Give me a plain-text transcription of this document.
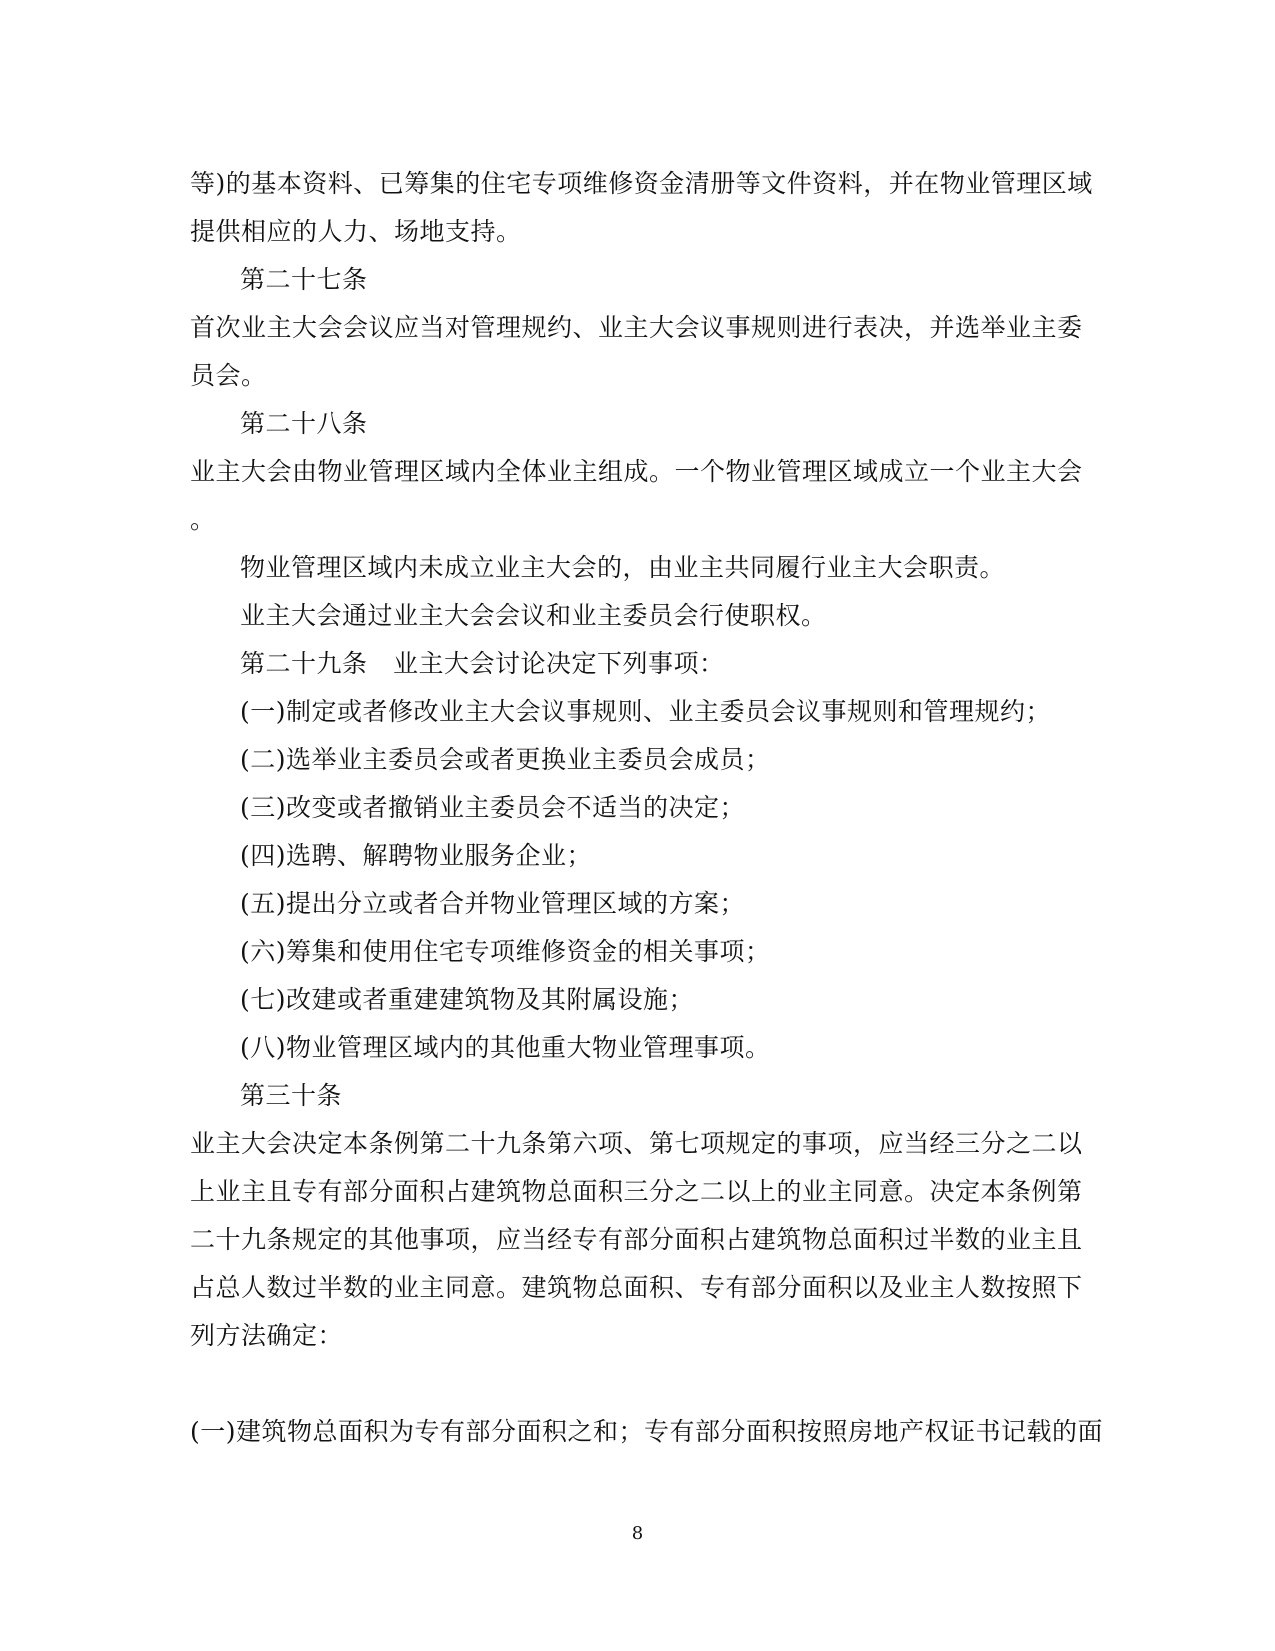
等)的基本资料、已筹集的住宅专项维修资金清册等文件资料，并在物业管理区域
提供相应的人力、场地支持。
第二十七条
首次业主大会会议应当对管理规约、业主大会议事规则进行表决，并选举业主委
员会。
第二十八条
业主大会由物业管理区域内全体业主组成。一个物业管理区域成立一个业主大会
。
物业管理区域内未成立业主大会的，由业主共同履行业主大会职责。
业主大会通过业主大会会议和业主委员会行使职权。
第二十九条　业主大会讨论决定下列事项：
(一)制定或者修改业主大会议事规则、业主委员会议事规则和管理规约；
(二)选举业主委员会或者更换业主委员会成员；
(三)改变或者撤销业主委员会不适当的决定；
(四)选聘、解聘物业服务企业；
(五)提出分立或者合并物业管理区域的方案；
(六)筹集和使用住宅专项维修资金的相关事项；
(七)改建或者重建建筑物及其附属设施；
(八)物业管理区域内的其他重大物业管理事项。
第三十条
业主大会决定本条例第二十九条第六项、第七项规定的事项，应当经三分之二以
上业主且专有部分面积占建筑物总面积三分之二以上的业主同意。决定本条例第
二十九条规定的其他事项，应当经专有部分面积占建筑物总面积过半数的业主且
占总人数过半数的业主同意。建筑物总面积、专有部分面积以及业主人数按照下
列方法确定：
(一)建筑物总面积为专有部分面积之和；专有部分面积按照房地产权证书记载的面
8
